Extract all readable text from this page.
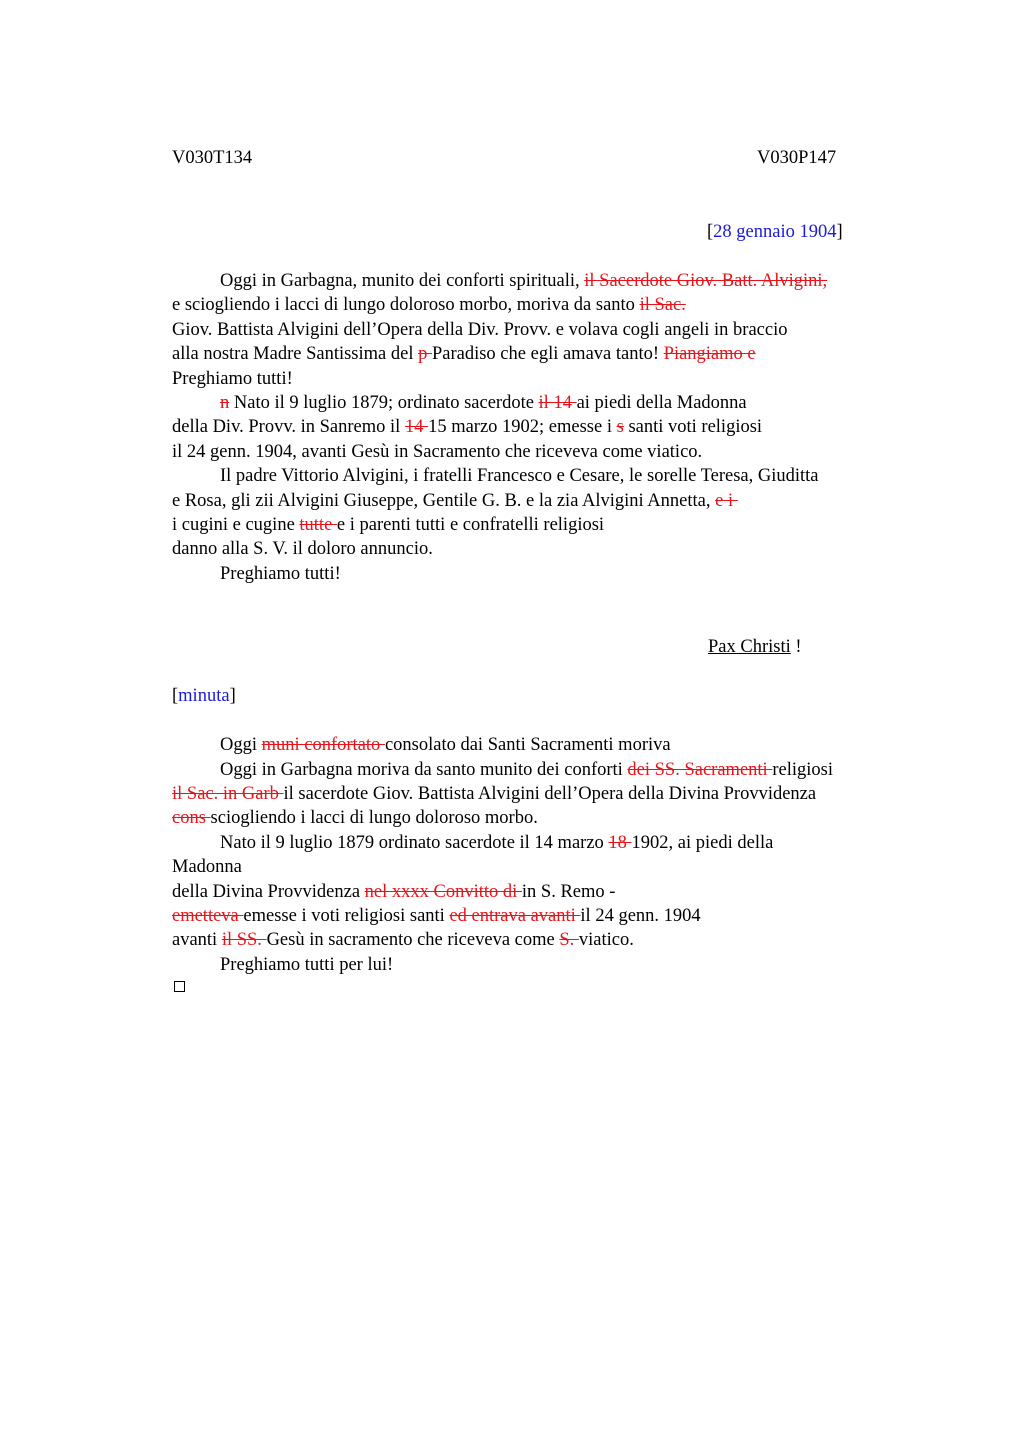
V030T134	V030P147
[28 gennaio 1904]
Oggi in Garbagna, munito dei conforti spirituali, il Sacerdote Giov. Batt. Alvigini,
e sciogliendo i lacci di lungo doloroso morbo, moriva da santo il Sac.
Giov. Battista Alvigini dell’Opera della Div. Provv. e volava cogli angeli in braccio
alla nostra Madre Santissima del p Paradiso che egli amava tanto! Piangiamo e
Preghiamo tutti!
n Nato il 9 luglio 1879; ordinato sacerdote il 14 ai piedi della Madonna
della Div. Provv. in Sanremo il 14 15 marzo 1902; emesse i s santi voti religiosi
il 24 genn. 1904, avanti Gesù in Sacramento che riceveva come viatico.
Il padre Vittorio Alvigini, i fratelli Francesco e Cesare, le sorelle Teresa, Giuditta
e Rosa, gli zii Alvigini Giuseppe, Gentile G. B. e la zia Alvigini Annetta, e i
i cugini e cugine tutte e i parenti tutti e confratelli religiosi
danno alla S. V. il doloro annuncio.
Preghiamo tutti!
Pax Christi !
[minuta]
Oggi muni confortato consolato dai Santi Sacramenti moriva
Oggi in Garbagna moriva da santo munito dei conforti dei SS. Sacramenti religiosi
il Sac. in Garb il sacerdote Giov. Battista Alvigini dell’Opera della Divina Provvidenza
cons sciogliendo i lacci di lungo doloroso morbo.
Nato il 9 luglio 1879 ordinato sacerdote il 14 marzo 18 1902, ai piedi della
Madonna
della Divina Provvidenza nel xxxx Convitto di in S. Remo -
emetteva emesse i voti religiosi santi ed entrava avanti il 24 genn. 1904
avanti il SS. Gesù in sacramento che riceveva come S. viatico.
Preghiamo tutti per lui!
